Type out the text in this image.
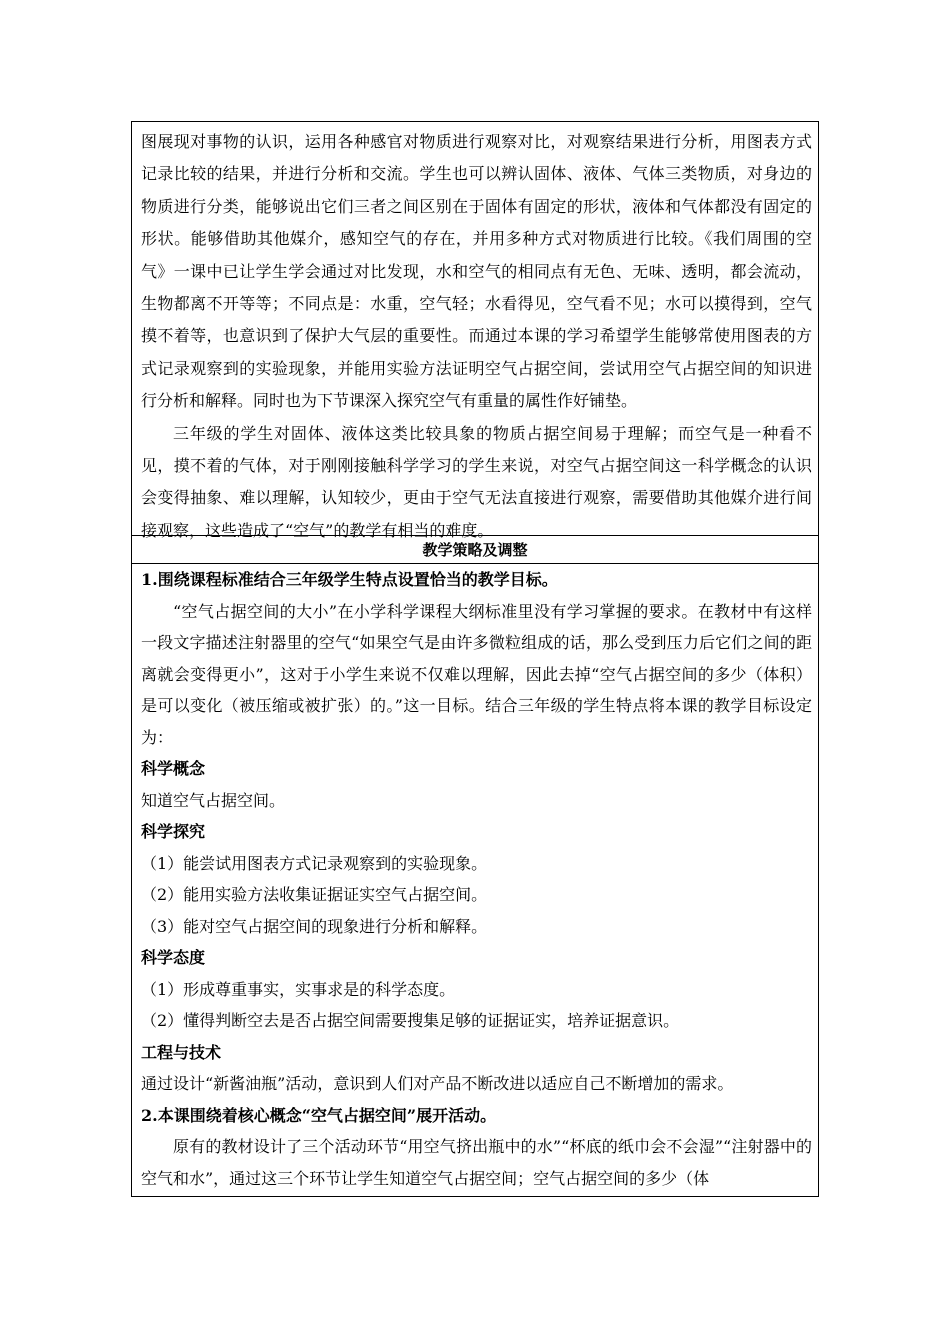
图展现对事物的认识，运用各种感官对物质进行观察对比，对观察结果进行分析，用图表方式记录比较的结果，并进行分析和交流。学生也可以辨认固体、液体、气体三类物质，对身边的物质进行分类，能够说出它们三者之间区别在于固体有固定的形状，液体和气体都没有固定的形状。能够借助其他媒介，感知空气的存在，并用多种方式对物质进行比较。《我们周围的空气》一课中已让学生学会通过对比发现，水和空气的相同点有无色、无味、透明，都会流动，生物都离不开等等；不同点是：水重，空气轻；水看得见，空气看不见；水可以摸得到，空气摸不着等，也意识到了保护大气层的重要性。而通过本课的学习希望学生能够常使用图表的方式记录观察到的实验现象，并能用实验方法证明空气占据空间，尝试用空气占据空间的知识进行分析和解释。同时也为下节课深入探究空气有重量的属性作好铺垫。

三年级的学生对固体、液体这类比较具象的物质占据空间易于理解；而空气是一种看不见，摸不着的气体，对于刚刚接触科学学习的学生来说，对空气占据空间这一科学概念的认识会变得抽象、难以理解，认知较少，更由于空气无法直接进行观察，需要借助其他媒介进行间接观察，这些造成了“空气”的教学有相当的难度。

教学策略及调整

1.围绕课程标准结合三年级学生特点设置恰当的教学目标。

“空气占据空间的大小”在小学科学课程大纲标准里没有学习掌握的要求。在教材中有这样一段文字描述注射器里的空气“如果空气是由许多微粒组成的话，那么受到压力后它们之间的距离就会变得更小”，这对于小学生来说不仅难以理解，因此去掉“空气占据空间的多少（体积）是可以变化（被压缩或被扩张）的。”这一目标。结合三年级的学生特点将本课的教学目标设定为：

科学概念

知道空气占据空间。

科学探究

（1）能尝试用图表方式记录观察到的实验现象。

（2）能用实验方法收集证据证实空气占据空间。

（3）能对空气占据空间的现象进行分析和解释。

科学态度

（1）形成尊重事实，实事求是的科学态度。

（2）懂得判断空去是否占据空间需要搜集足够的证据证实，培养证据意识。

工程与技术

通过设计“新酱油瓶”活动，意识到人们对产品不断改进以适应自己不断增加的需求。

2.本课围绕着核心概念“空气占据空间”展开活动。

原有的教材设计了三个活动环节“用空气挤出瓶中的水”“杯底的纸巾会不会湿”“注射器中的空气和水”，通过这三个环节让学生知道空气占据空间；空气占据空间的多少（体
